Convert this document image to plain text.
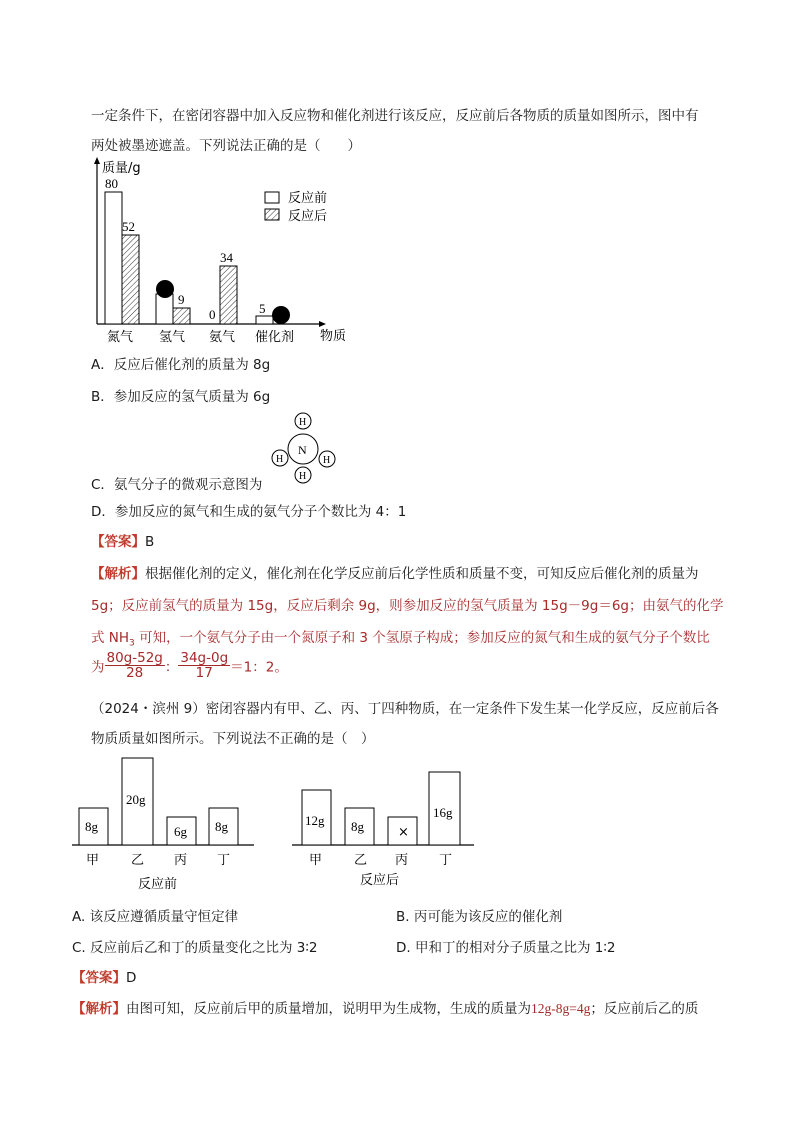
一定条件下，在密闭容器中加入反应物和催化剂进行该反应，反应前后各物质的质量如图所示，图中有
两处被墨迹遮盖。下列说法正确的是（　　）
质量/g
物质
反应前
反应后
80
52
9
0
34
5
氮气 氢气 氨气 催化剂
A．反应后催化剂的质量为 8g
B．参加反应的氢气质量为 6g
N
H
H	H
H
C．氨气分子的微观示意图为
D．参加反应的氮气和生成的氨气分子个数比为 4：1
【答案】B
【解析】根据催化剂的定义，催化剂在化学反应前后化学性质和质量不变，可知反应后催化剂的质量为
5g；反应前氢气的质量为 15g，反应后剩余 9g，则参加反应的氢气质量为 15g－9g＝6g；由氨气的化学
式 $NH_3$ 可知，一个氨气分子由一个氮原子和 3 个氢原子构成；参加反应的氮气和生成的氨气分子个数比
为 $\frac{80g-52g}{28}$ ： $\frac{34g-0g}{17} =1$：2。
（2024・滨州 9）密闭容器内有甲、乙、丙、丁四种物质，在一定条件下发生某一化学反应，反应前后各
物质质量如图所示。下列说法不正确的是（　）
8g
20g
6g 8g
甲 乙 丙 丁
反应前
12g 8g	×
16g
甲 乙 丙 丁
反应后
A. 该反应遵循质量守恒定律	B. 丙可能为该反应的催化剂
C. 反应前后乙和丁的质量变化之比为 3∶2	D. 甲和丁的相对分子质量之比为 1∶2
【答案】D
【解析】由图可知，反应前后甲的质量增加，说明甲为生成物，生成的质量为12g-8g=4g；反应前后乙的质
